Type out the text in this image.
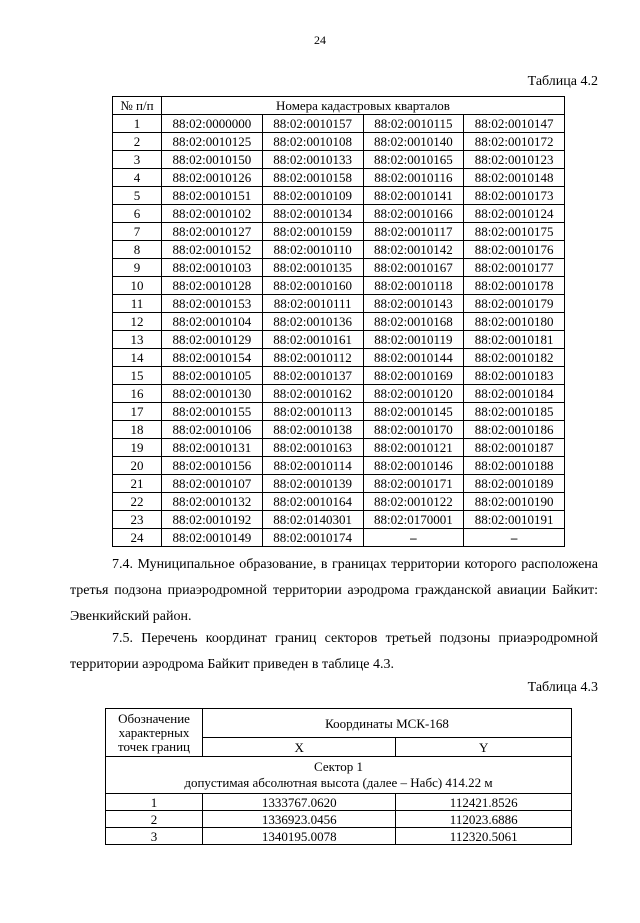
24
Таблица 4.2
№ п/п	Номера кадастровых кварталов			
1	88:02:0000000	88:02:0010157	88:02:0010115	88:02:0010147
2	88:02:0010125	88:02:0010108	88:02:0010140	88:02:0010172
3	88:02:0010150	88:02:0010133	88:02:0010165	88:02:0010123
4	88:02:0010126	88:02:0010158	88:02:0010116	88:02:0010148
5	88:02:0010151	88:02:0010109	88:02:0010141	88:02:0010173
6	88:02:0010102	88:02:0010134	88:02:0010166	88:02:0010124
7	88:02:0010127	88:02:0010159	88:02:0010117	88:02:0010175
8	88:02:0010152	88:02:0010110	88:02:0010142	88:02:0010176
9	88:02:0010103	88:02:0010135	88:02:0010167	88:02:0010177
10	88:02:0010128	88:02:0010160	88:02:0010118	88:02:0010178
11	88:02:0010153	88:02:0010111	88:02:0010143	88:02:0010179
12	88:02:0010104	88:02:0010136	88:02:0010168	88:02:0010180
13	88:02:0010129	88:02:0010161	88:02:0010119	88:02:0010181
14	88:02:0010154	88:02:0010112	88:02:0010144	88:02:0010182
15	88:02:0010105	88:02:0010137	88:02:0010169	88:02:0010183
16	88:02:0010130	88:02:0010162	88:02:0010120	88:02:0010184
17	88:02:0010155	88:02:0010113	88:02:0010145	88:02:0010185
18	88:02:0010106	88:02:0010138	88:02:0010170	88:02:0010186
19	88:02:0010131	88:02:0010163	88:02:0010121	88:02:0010187
20	88:02:0010156	88:02:0010114	88:02:0010146	88:02:0010188
21	88:02:0010107	88:02:0010139	88:02:0010171	88:02:0010189
22	88:02:0010132	88:02:0010164	88:02:0010122	88:02:0010190
23	88:02:0010192	88:02:0140301	88:02:0170001	88:02:0010191
24	88:02:0010149	88:02:0010174	–	–

7.4. Муниципальное образование, в границах территории которого расположена третья подзона приаэродромной территории аэродрома гражданской авиации Байкит: Эвенкийский район.

7.5. Перечень координат границ секторов третьей подзоны приаэродромной территории аэродрома Байкит приведен в таблице 4.3.

Таблица 4.3
Обозначение характерных точек границ	Координаты МСК-168	
	X	Y

Сектор 1
допустимая абсолютная высота (далее – Набс) 414.22 м		

1	1333767.0620	112421.8526
2	1336923.0456	112023.6886
3	1340195.0078	112320.5061
